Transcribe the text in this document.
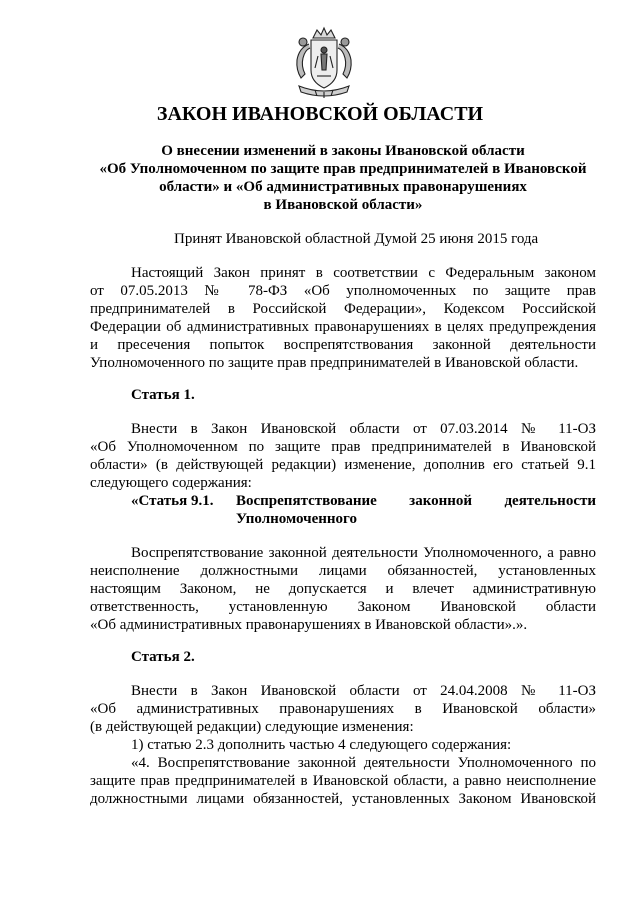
ЗАКОН ИВАНОВСКОЙ ОБЛАСТИ
О внесении изменений в законы Ивановской области
«Об Уполномоченном по защите прав предпринимателей в Ивановской
области» и «Об административных правонарушениях
в Ивановской области»
Принят Ивановской областной Думой 25 июня 2015 года
Настоящий Закон принят в соответствии с Федеральным законом
от 07.05.2013 № 78-ФЗ «Об уполномоченных по защите прав
предпринимателей в Российской Федерации», Кодексом Российской
Федерации об административных правонарушениях в целях предупреждения
и пресечения попыток воспрепятствования законной деятельности
Уполномоченного по защите прав предпринимателей в Ивановской области.
Статья 1.
Внести в Закон Ивановской области от 07.03.2014 № 11-ОЗ
«Об Уполномоченном по защите прав предпринимателей в Ивановской
области» (в действующей редакции) изменение, дополнив его статьей 9.1
следующего содержания:
«Статья 9.1.	Воспрепятствование законной деятельности
Уполномоченного
Воспрепятствование законной деятельности Уполномоченного, а равно
неисполнение должностными лицами обязанностей, установленных
настоящим Законом, не допускается и влечет административную
ответственность, установленную Законом Ивановской области
«Об административных правонарушениях в Ивановской области».».
Статья 2.
Внести в Закон Ивановской области от 24.04.2008 № 11-ОЗ
«Об административных правонарушениях в Ивановской области»
(в действующей редакции) следующие изменения:
1) статью 2.3 дополнить частью 4 следующего содержания:
«4. Воспрепятствование законной деятельности Уполномоченного по
защите прав предпринимателей в Ивановской области, а равно неисполнение
должностными лицами обязанностей, установленных Законом Ивановской
